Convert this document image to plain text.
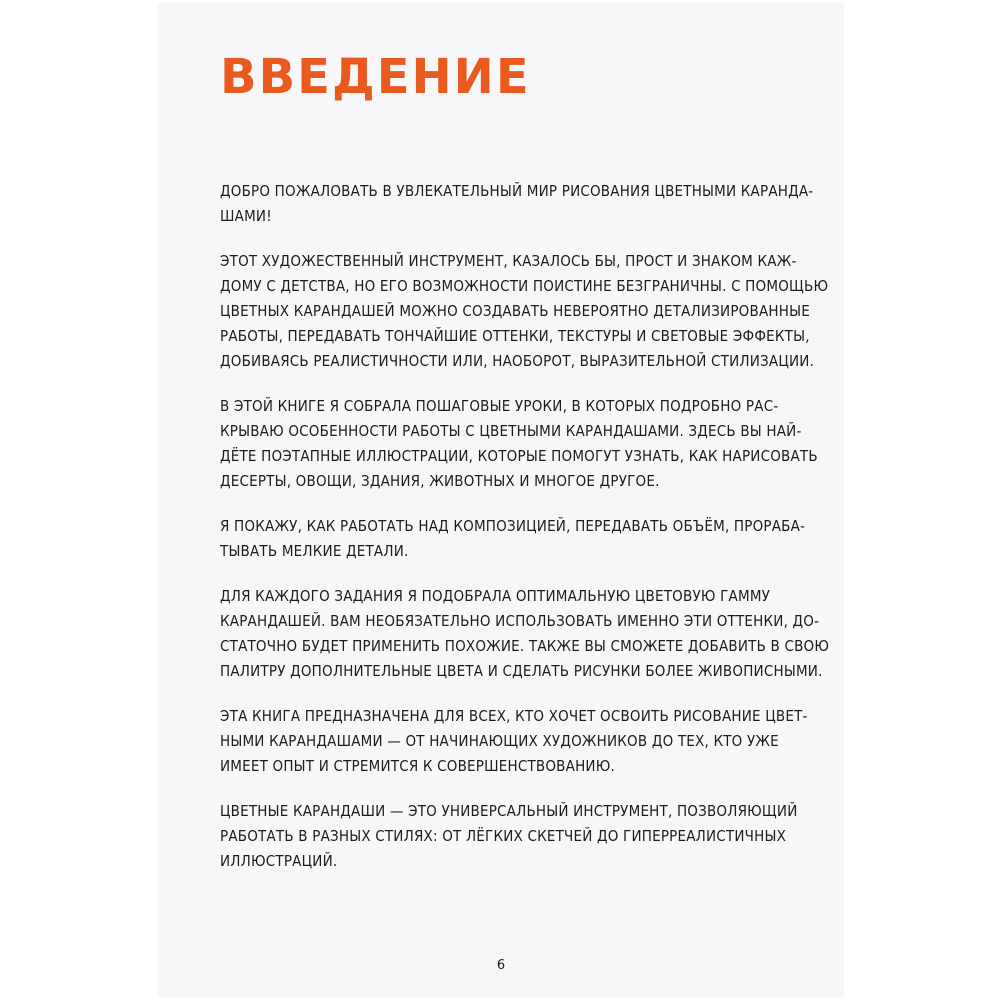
ВВЕДЕНИЕ

ДОБРО ПОЖАЛОВАТЬ В УВЛЕКАТЕЛЬНЫЙ МИР РИСОВАНИЯ ЦВЕТНЫМИ КАРАНДА-
ШАМИ!

ЭТОТ ХУДОЖЕСТВЕННЫЙ ИНСТРУМЕНТ, КАЗАЛОСЬ БЫ, ПРОСТ И ЗНАКОМ КАЖ-
ДОМУ С ДЕТСТВА, НО ЕГО ВОЗМОЖНОСТИ ПОИСТИНЕ БЕЗГРАНИЧНЫ. С ПОМОЩЬЮ
ЦВЕТНЫХ КАРАНДАШЕЙ МОЖНО СОЗДАВАТЬ НЕВЕРОЯТНО ДЕТАЛИЗИРОВАННЫЕ
РАБОТЫ, ПЕРЕДАВАТЬ ТОНЧАЙШИЕ ОТТЕНКИ, ТЕКСТУРЫ И СВЕТОВЫЕ ЭФФЕКТЫ,
ДОБИВАЯСЬ РЕАЛИСТИЧНОСТИ ИЛИ, НАОБОРОТ, ВЫРАЗИТЕЛЬНОЙ СТИЛИЗАЦИИ.

В ЭТОЙ КНИГЕ Я СОБРАЛА ПОШАГОВЫЕ УРОКИ, В КОТОРЫХ ПОДРОБНО РАС-
КРЫВАЮ ОСОБЕННОСТИ РАБОТЫ С ЦВЕТНЫМИ КАРАНДАШАМИ. ЗДЕСЬ ВЫ НАЙ-
ДЁТЕ ПОЭТАПНЫЕ ИЛЛЮСТРАЦИИ, КОТОРЫЕ ПОМОГУТ УЗНАТЬ, КАК НАРИСОВАТЬ
ДЕСЕРТЫ, ОВОЩИ, ЗДАНИЯ, ЖИВОТНЫХ И МНОГОЕ ДРУГОЕ.

Я ПОКАЖУ, КАК РАБОТАТЬ НАД КОМПОЗИЦИЕЙ, ПЕРЕДАВАТЬ ОБЪЁМ, ПРОРАБА-
ТЫВАТЬ МЕЛКИЕ ДЕТАЛИ.

ДЛЯ КАЖДОГО ЗАДАНИЯ Я ПОДОБРАЛА ОПТИМАЛЬНУЮ ЦВЕТОВУЮ ГАММУ
КАРАНДАШЕЙ. ВАМ НЕОБЯЗАТЕЛЬНО ИСПОЛЬЗОВАТЬ ИМЕННО ЭТИ ОТТЕНКИ, ДО-
СТАТОЧНО БУДЕТ ПРИМЕНИТЬ ПОХОЖИЕ. ТАКЖЕ ВЫ СМОЖЕТЕ ДОБАВИТЬ В СВОЮ
ПАЛИТРУ ДОПОЛНИТЕЛЬНЫЕ ЦВЕТА И СДЕЛАТЬ РИСУНКИ БОЛЕЕ ЖИВОПИСНЫМИ.

ЭТА КНИГА ПРЕДНАЗНАЧЕНА ДЛЯ ВСЕХ, КТО ХОЧЕТ ОСВОИТЬ РИСОВАНИЕ ЦВЕТ-
НЫМИ КАРАНДАШАМИ — ОТ НАЧИНАЮЩИХ ХУДОЖНИКОВ ДО ТЕХ, КТО УЖЕ
ИМЕЕТ ОПЫТ И СТРЕМИТСЯ К СОВЕРШЕНСТВОВАНИЮ.

ЦВЕТНЫЕ КАРАНДАШИ — ЭТО УНИВЕРСАЛЬНЫЙ ИНСТРУМЕНТ, ПОЗВОЛЯЮЩИЙ
РАБОТАТЬ В РАЗНЫХ СТИЛЯХ: ОТ ЛЁГКИХ СКЕТЧЕЙ ДО ГИПЕРРЕАЛИСТИЧНЫХ
ИЛЛЮСТРАЦИЙ.

6
